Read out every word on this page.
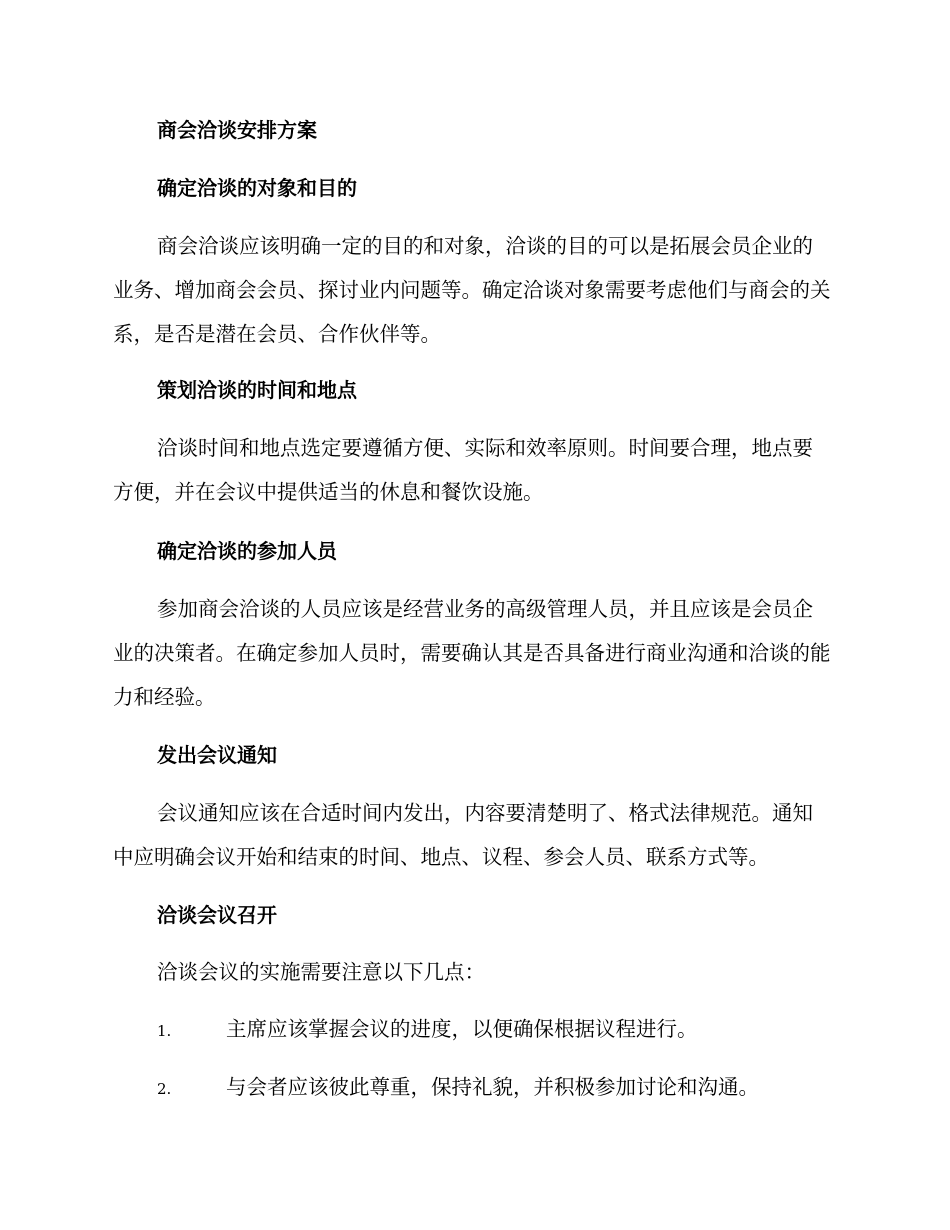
商会洽谈安排方案
确定洽谈的对象和目的
商会洽谈应该明确一定的目的和对象，洽谈的目的可以是拓展会员企业的业务、增加商会会员、探讨业内问题等。确定洽谈对象需要考虑他们与商会的关系，是否是潜在会员、合作伙伴等。
策划洽谈的时间和地点
洽谈时间和地点选定要遵循方便、实际和效率原则。时间要合理，地点要方便，并在会议中提供适当的休息和餐饮设施。
确定洽谈的参加人员
参加商会洽谈的人员应该是经营业务的高级管理人员，并且应该是会员企业的决策者。在确定参加人员时，需要确认其是否具备进行商业沟通和洽谈的能力和经验。
发出会议通知
会议通知应该在合适时间内发出，内容要清楚明了、格式法律规范。通知中应明确会议开始和结束的时间、地点、议程、参会人员、联系方式等。
洽谈会议召开
洽谈会议的实施需要注意以下几点：
1.	主席应该掌握会议的进度，以便确保根据议程进行。
2.	与会者应该彼此尊重，保持礼貌，并积极参加讨论和沟通。
